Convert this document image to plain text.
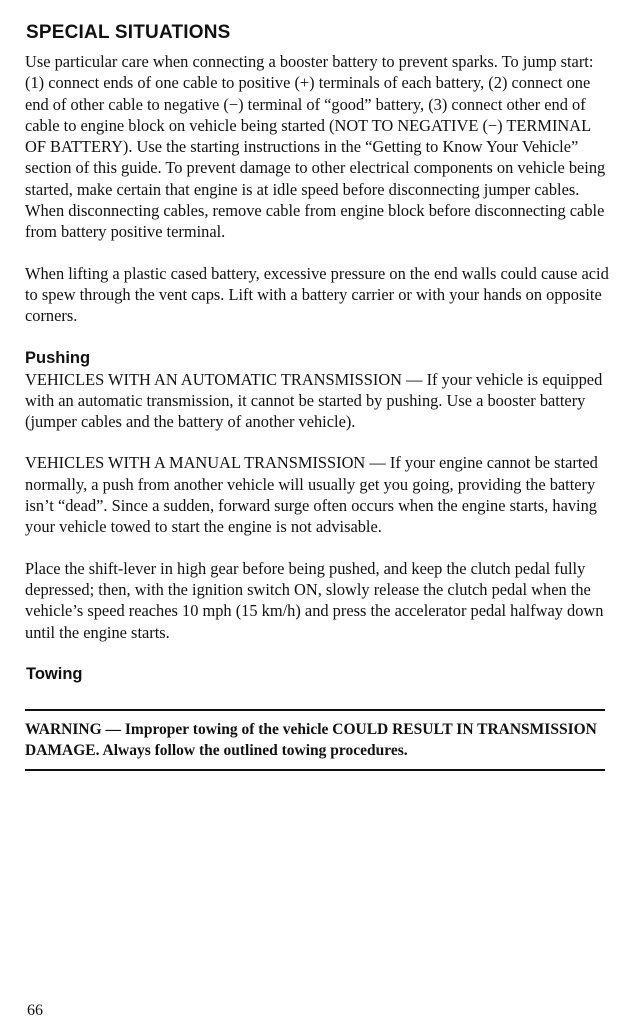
SPECIAL SITUATIONS

Use particular care when connecting a booster battery to prevent sparks. To jump start: (1) connect ends of one cable to positive (+) terminals of each battery, (2) connect one end of other cable to negative (−) terminal of “good” battery, (3) connect other end of cable to engine block on vehicle being started (NOT TO NEGATIVE (−) TERMINAL OF BATTERY). Use the starting instructions in the “Getting to Know Your Vehicle” section of this guide. To prevent damage to other electrical components on vehicle being started, make certain that engine is at idle speed before disconnecting jumper cables. When disconnecting cables, remove cable from engine block before disconnecting cable from battery positive terminal.

When lifting a plastic cased battery, excessive pressure on the end walls could cause acid to spew through the vent caps. Lift with a battery carrier or with your hands on opposite corners.

Pushing

VEHICLES WITH AN AUTOMATIC TRANSMISSION — If your vehicle is equipped with an automatic transmission, it cannot be started by pushing. Use a booster battery (jumper cables and the battery of another vehicle).

VEHICLES WITH A MANUAL TRANSMISSION — If your engine cannot be started normally, a push from another vehicle will usually get you going, providing the battery isn’t “dead”. Since a sudden, forward surge often occurs when the engine starts, having your vehicle towed to start the engine is not advisable.

Place the shift-lever in high gear before being pushed, and keep the clutch pedal fully depressed; then, with the ignition switch ON, slowly release the clutch pedal when the vehicle’s speed reaches 10 mph (15 km/h) and press the accelerator pedal halfway down until the engine starts.

Towing

WARNING — Improper towing of the vehicle COULD RESULT IN TRANSMISSION DAMAGE. Always follow the outlined towing procedures.

66
